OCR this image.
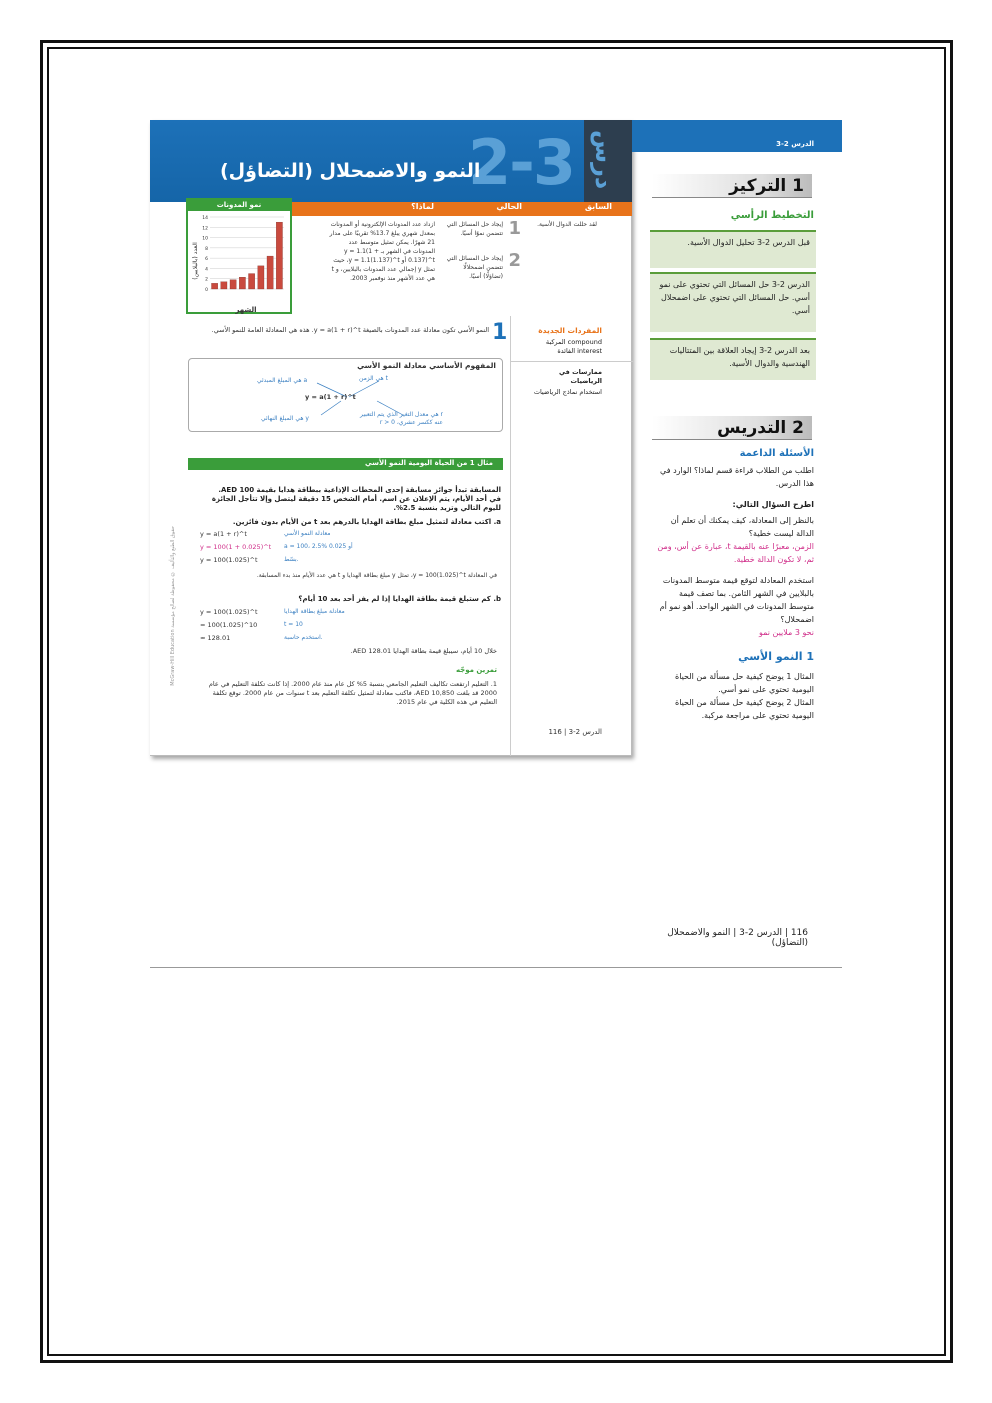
2-3
النمو والاضمحلال (التضاؤل)	درس
السابق
الحالي
لماذا؟
لقد حللت الدوال الأسية.
1
إيجاد حل المسائل التي تتضمن نموًا أسيًا.
2
إيجاد حل المسائل التي تتضمن اضمحلالًا (تضاؤلًا) أسيًا.
ازداد عدد المدونات الإلكترونية أو المدونات بمعدل شهري يبلغ 13.7% تقريبًا على مدار 21 شهرًا. يمكن تمثيل متوسط عدد المدونات في الشهر بـ y = 1.1(1 + 0.137)^t أو y = 1.1(1.137)^t، حيث تمثل y إجمالي عدد المدونات بالبلايين، و t هي عدد الأشهر منذ نوفمبر 2003.
نمو المدونات
14
12
10
8
6
4
2
0
العدد (بالبلايين)
الشهر
المفردات الجديدة
compound المركبة
interest الفائدة
ممارسات في الرياضيات
استخدام نماذج الرياضيات
116 | الدرس 2-3
1
النمو الأسي تكون معادلة عدد المدونات بالصيغة y = a(1 + r)^t. هذه هي المعادلة العامة للنمو الأسي.
المفهوم الأساسي معادلة النمو الأسي
y = a(1 + r)^t
t هي الزمن
a هي المبلغ المبدئي
y هي المبلغ النهائي
r هي معدل التغير الذي يتم التعبير عنه ككسر عشري، 0 < r
مثال 1 من الحياة اليومية النمو الأسي
المسابقة تبدأ جوائز مسابقة إحدى المحطات الإذاعية ببطاقة هدايا بقيمة 100 AED.
في أحد الأيام، يتم الإعلان عن اسم. أمام الشخص 15 دقيقة ليتصل وإلا تتأجل الجائزة
لليوم التالي وتزيد بنسبة 2.5%.
a. اكتب معادلة لتمثيل مبلغ بطاقة الهدايا بالدرهم بعد t من الأيام بدون فائزين.
y = a(1 + r)^t
y = 100(1 + 0.025)^t
y = 100(1.025)^t
معادلة النمو الأسي
a = 100، 2.5% أو 0.025
بسّط.
في المعادلة y = 100(1.025)^t، تمثل y مبلغ بطاقة الهدايا و t هي عدد الأيام منذ بدء المسابقة.
b. كم ستبلغ قيمة بطاقة الهدايا إذا لم يفز أحد بعد 10 أيام؟
y = 100(1.025)^t
= 100(1.025)^10
≈ 128.01
معادلة مبلغ بطاقة الهدايا
t = 10
استخدم حاسبة.
خلال 10 أيام، سيبلغ قيمة بطاقة الهدايا AED 128.01.
تمرين موجّه
1. التعليم ارتفعت تكاليف التعليم الجامعي بنسبة 5% كل عام منذ عام 2000. إذا كانت تكلفة التعليم في عام 2000 قد بلغت AED 10,850، فاكتب معادلة لتمثيل تكلفة التعليم بعد t سنوات من عام 2000. توقع تكلفة التعليم في هذه الكلية في عام 2015.
McGraw-Hill Education حقوق الطبع والتأليف © محفوظة لصالح مؤسسة
الدرس 2-3
1 التركيز
التخطيط الرأسي
قبل الدرس 2-3 تحليل الدوال الأسية.
الدرس 2-3 حل المسائل التي تحتوي على نمو أسي. حل المسائل التي تحتوي على اضمحلال أسي.
بعد الدرس 2-3 إيجاد العلاقة بين المتتاليات الهندسية والدوال الأسية.
2 التدريس
الأسئلة الداعمة
اطلب من الطلاب قراءة قسم لماذا؟ الوارد في هذا الدرس.
اطرح السؤال التالي:
بالنظر إلى المعادلة، كيف يمكنك أن تعلم أن الدالة ليست خطية؟
الزمن، معبرًا عنه بالقيمة t، عبارة عن أس، ومن ثم، لا تكون الدالة خطية.
استخدم المعادلة لتوقع قيمة متوسط المدونات بالبلايين في الشهر الثامن. بما تصف قيمة متوسط المدونات في الشهر الواحد. أهو نمو أم اضمحلال؟
نحو 3 ملايين نمو
1 النمو الأسي
المثال 1 يوضح كيفية حل مسألة من الحياة اليومية تحتوي على نمو أسي.
المثال 2 يوضح كيفية حل مسألة من الحياة اليومية تحتوي على مراجعة مركبة.
116 | الدرس 2-3 | النمو والاضمحلال (التضاؤل)
